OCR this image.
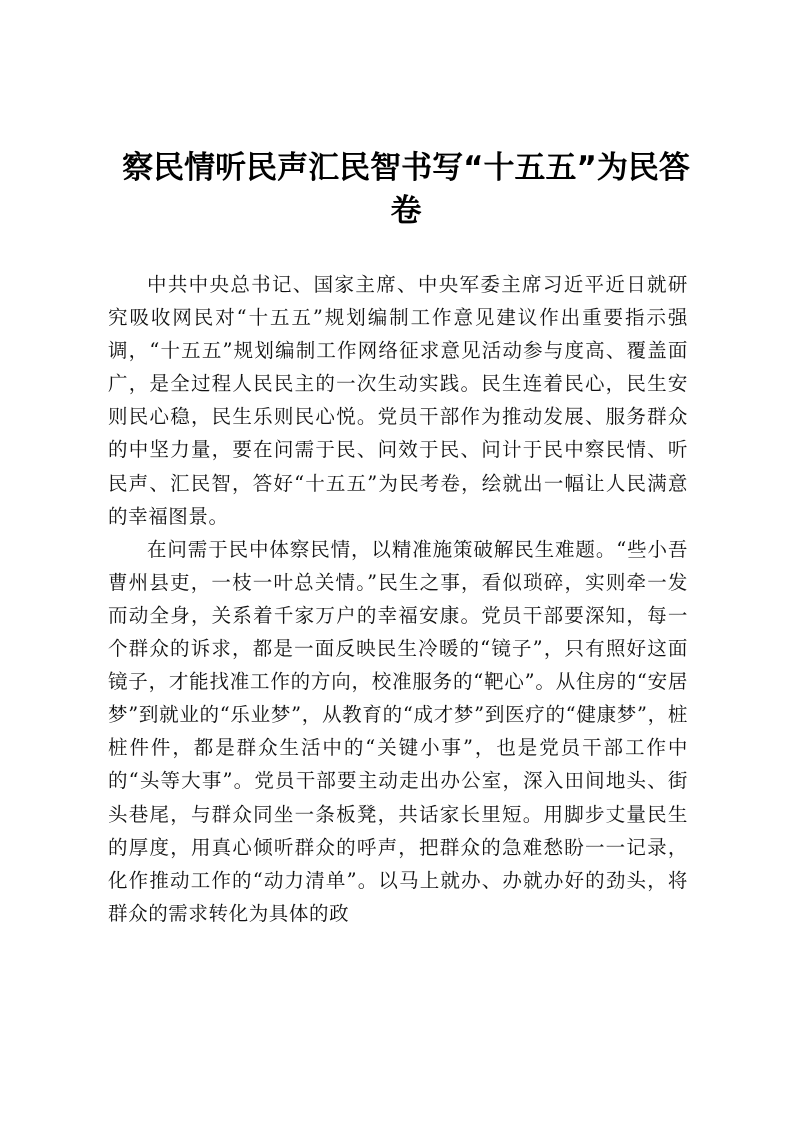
察民情听民声汇民智书写“十五五”为民答卷

中共中央总书记、国家主席、中央军委主席习近平近日就研究吸收网民对“十五五”规划编制工作意见建议作出重要指示强调，“十五五”规划编制工作网络征求意见活动参与度高、覆盖面广，是全过程人民民主的一次生动实践。民生连着民心，民生安则民心稳，民生乐则民心悦。党员干部作为推动发展、服务群众的中坚力量，要在问需于民、问效于民、问计于民中察民情、听民声、汇民智，答好“十五五”为民考卷，绘就出一幅让人民满意的幸福图景。

在问需于民中体察民情，以精准施策破解民生难题。“些小吾曹州县吏，一枝一叶总关情。”民生之事，看似琐碎，实则牵一发而动全身，关系着千家万户的幸福安康。党员干部要深知，每一个群众的诉求，都是一面反映民生冷暖的“镜子”，只有照好这面镜子，才能找准工作的方向，校准服务的“靶心”。从住房的“安居梦”到就业的“乐业梦”，从教育的“成才梦”到医疗的“健康梦”，桩桩件件，都是群众生活中的“关键小事”，也是党员干部工作中的“头等大事”。党员干部要主动走出办公室，深入田间地头、街头巷尾，与群众同坐一条板凳，共话家长里短。用脚步丈量民生的厚度，用真心倾听群众的呼声，把群众的急难愁盼一一记录，化作推动工作的“动力清单”。以马上就办、办就办好的劲头，将群众的需求转化为具体的政
